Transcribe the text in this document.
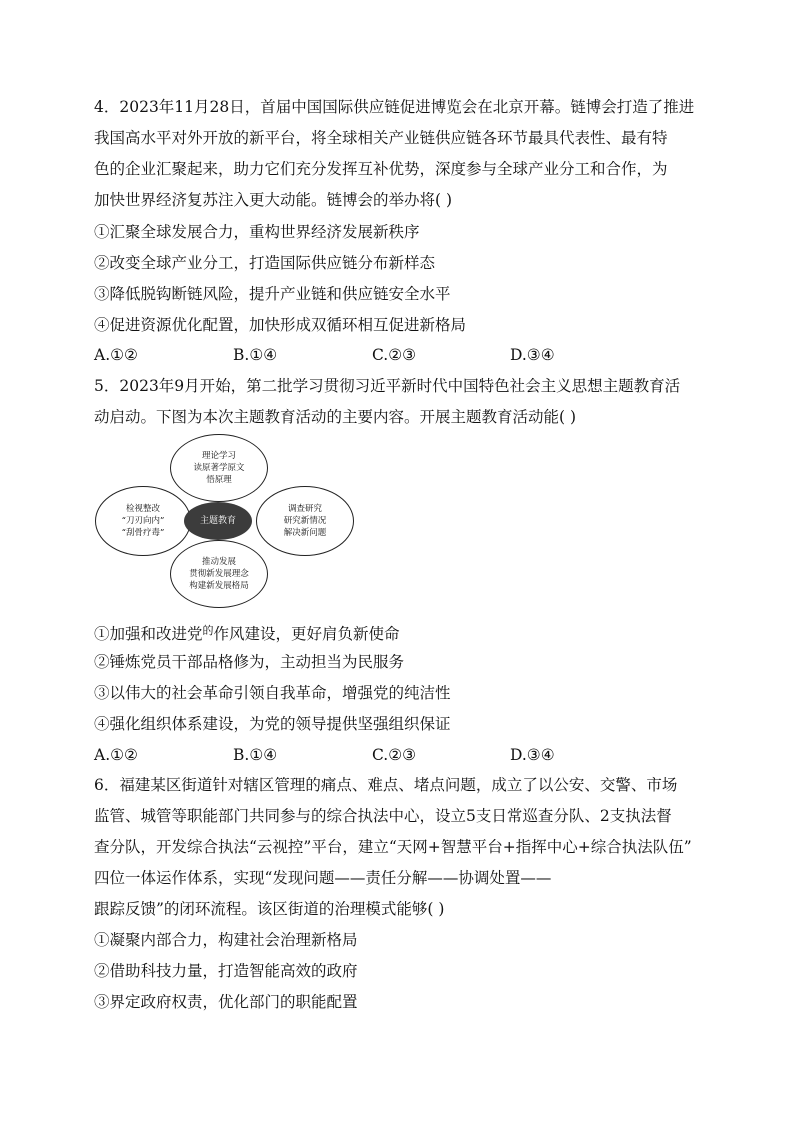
4．2023年11月28日，首届中国国际供应链促进博览会在北京开幕。链博会打造了推进
我国高水平对外开放的新平台，将全球相关产业链供应链各环节最具代表性、最有特
色的企业汇聚起来，助力它们充分发挥互补优势，深度参与全球产业分工和合作，为
加快世界经济复苏注入更大动能。链博会的举办将( )
①汇聚全球发展合力，重构世界经济发展新秩序
②改变全球产业分工，打造国际供应链分布新样态
③降低脱钩断链风险，提升产业链和供应链安全水平
④促进资源优化配置，加快形成双循环相互促进新格局
A.①②	B.①④	C.②③	D.③④
5．2023年9月开始，第二批学习贯彻习近平新时代中国特色社会主义思想主题教育活
动启动。下图为本次主题教育活动的主要内容。开展主题教育活动能( )
理论学习
读原著学原文
悟原理
检视整改
“刀刃向内”
“刮骨疗毒”
调查研究
研究新情况
解决新问题
推动发展
贯彻新发展理念
构建新发展格局
主题教育
①加强和改进党$^的$作风建设，更好肩负新使命
②锤炼党员干部品格修为，主动担当为民服务
③以伟大的社会革命引领自我革命，增强党的纯洁性
④强化组织体系建设，为党的领导提供坚强组织保证
A.①②	B.①④	C.②③	D.③④
6．福建某区街道针对辖区管理的痛点、难点、堵点问题，成立了以公安、交警、市场
监管、城管等职能部门共同参与的综合执法中心，设立5支日常巡查分队、2支执法督
查分队，开发综合执法“云视控”平台，建立“天网+智慧平台+指挥中心+综合执法队伍”
四位一体运作体系，实现“发现问题——责任分解——协调处置——
跟踪反馈”的闭环流程。该区街道的治理模式能够( )
①凝聚内部合力，构建社会治理新格局
②借助科技力量，打造智能高效的政府
③界定政府权责，优化部门的职能配置
